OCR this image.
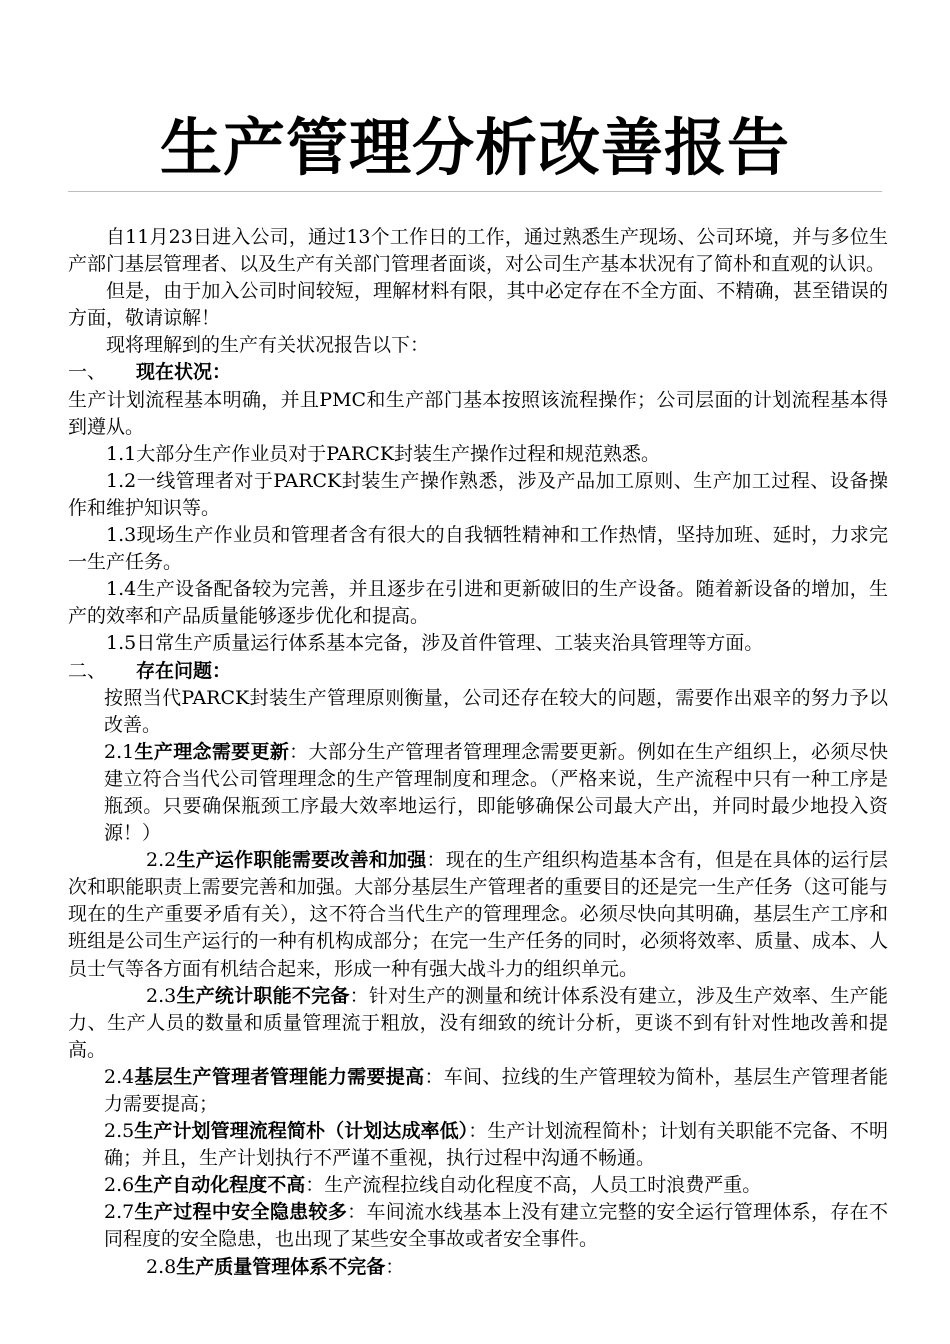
生产管理分析改善报告

自11月23日进入公司，通过13个工作日的工作，通过熟悉生产现场、公司环境，并与多位生产部门基层管理者、以及生产有关部门管理者面谈，对公司生产基本状况有了简朴和直观的认识。

但是，由于加入公司时间较短，理解材料有限，其中必定存在不全方面、不精确，甚至错误的方面，敬请谅解！

现将理解到的生产有关状况报告以下：

一、 现在状况：

生产计划流程基本明确，并且PMC和生产部门基本按照该流程操作；公司层面的计划流程基本得到遵从。

1.1大部分生产作业员对于PARCK封装生产操作过程和规范熟悉。

1.2一线管理者对于PARCK封装生产操作熟悉，涉及产品加工原则、生产加工过程、设备操作和维护知识等。

1.3现场生产作业员和管理者含有很大的自我牺牲精神和工作热情，坚持加班、延时，力求完一生产任务。

1.4生产设备配备较为完善，并且逐步在引进和更新破旧的生产设备。随着新设备的增加，生产的效率和产品质量能够逐步优化和提高。

1.5日常生产质量运行体系基本完备，涉及首件管理、工装夹治具管理等方面。

二、 存在问题：

按照当代PARCK封装生产管理原则衡量，公司还存在较大的问题，需要作出艰辛的努力予以改善。

2.1生产理念需要更新：大部分生产管理者管理理念需要更新。例如在生产组织上，必须尽快建立符合当代公司管理理念的生产管理制度和理念。（严格来说，生产流程中只有一种工序是瓶颈。只要确保瓶颈工序最大效率地运行，即能够确保公司最大产出，并同时最少地投入资源！）

2.2生产运作职能需要改善和加强：现在的生产组织构造基本含有，但是在具体的运行层次和职能职责上需要完善和加强。大部分基层生产管理者的重要目的还是完一生产任务（这可能与现在的生产重要矛盾有关），这不符合当代生产的管理理念。必须尽快向其明确，基层生产工序和班组是公司生产运行的一种有机构成部分；在完一生产任务的同时，必须将效率、质量、成本、人员士气等各方面有机结合起来，形成一种有强大战斗力的组织单元。

2.3生产统计职能不完备：针对生产的测量和统计体系没有建立，涉及生产效率、生产能力、生产人员的数量和质量管理流于粗放，没有细致的统计分析，更谈不到有针对性地改善和提高。

2.4基层生产管理者管理能力需要提高：车间、拉线的生产管理较为简朴，基层生产管理者能力需要提高；

2.5生产计划管理流程简朴（计划达成率低）：生产计划流程简朴；计划有关职能不完备、不明确；并且，生产计划执行不严谨不重视，执行过程中沟通不畅通。

2.6生产自动化程度不高：生产流程拉线自动化程度不高，人员工时浪费严重。

2.7生产过程中安全隐患较多：车间流水线基本上没有建立完整的安全运行管理体系，存在不同程度的安全隐患，也出现了某些安全事故或者安全事件。

2.8生产质量管理体系不完备：
